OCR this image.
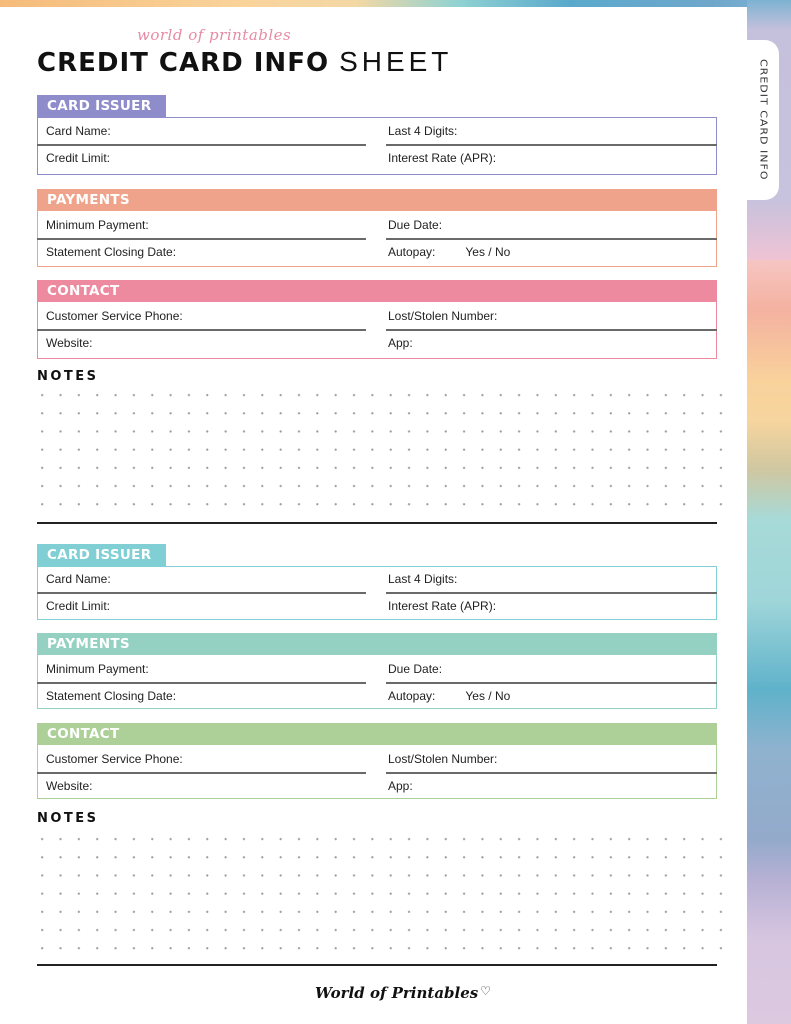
CREDIT CARD INFO
world of printables
CREDIT CARD INFO SHEET
CARD ISSUER
Card Name:	Last 4 Digits:
Credit Limit:	Interest Rate (APR):
PAYMENTS
Minimum Payment:	Due Date:
Statement Closing Date:	Autopay:	Yes / No
CONTACT
Customer Service Phone:	Lost/Stolen Number:
Website:	App:
NOTES
CARD ISSUER
Card Name:	Last 4 Digits:
Credit Limit:	Interest Rate (APR):
PAYMENTS
Minimum Payment:	Due Date:
Statement Closing Date:	Autopay:	Yes / No
CONTACT
Customer Service Phone:	Lost/Stolen Number:
Website:	App:
NOTES
World of Printables ♡
